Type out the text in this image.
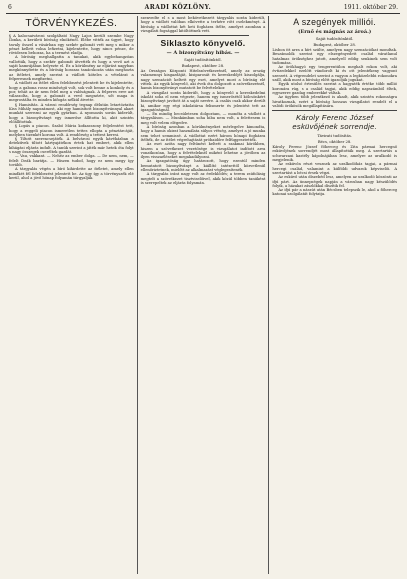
6	ARADI KÖZLÖNY.	1911. október 29.
TÖRVÉNYKEZÉS.

§ A kalocsaivárosi szolgáltató Nagy Lajos került szembe Nagy Ilonka, a kerületi bíróság elnökénél. Elébe vitték az ügyet, hogy tavaly ősszel a vásárban egy szekér gabonát vett meg s mikor a pénzt kellett volna lefizetni, kijelentette, hogy nincs pénze, de rövidesen behozza, ha a termést eladja.

A bíróság meghallgatta a tanukat, akik egybehangzóan vallották, hogy a szekér gabonát átvették és hogy a vevő azt a saját kamrájában helyezte el. Ez a körülmény az eljárást nagyban megkönnyítette és a bíróság hosszas tanácskozás után meghozta az ítéletet, amely szerint a vádlott köteles a vételárat a felperesnek megfizetni.

A vádlott az ítélet ellen felebbezést jelentett be és kijelentette, hogy a gabona rossz minőségű volt, sok volt benne a konkoly és a por, tehát az ár nem felel meg a valóságnak. A felperes erre azt válaszolta, hogy a gabonát a vevő megnézte, sőt maga is megrostálta és minden kifogás nélkül átvette.

§ Hamisítás. A városi rendőrség tegnap délután letartóztatta Kiss Mihály napszámost, aki egy hamisított bizonyítvánnyal akart munkát szerezni az egyik gyárban. A nyomozás során kiderült, hogy a bizonyítványt egy ismerőse állította ki, akit szintén előállítottak.

§ Lopás a piacon. Szabó Mária kofaasszony feljelentést tett, hogy a reggeli piacon ismeretlen tettes ellopta a pénztárcáját, melyben tizenkét korona volt. A rendőrség a tettest keresi.

§ Tiltott szerencsejáték. A belvárosi egyik kávéházban a detektívek tiltott kártyajátékon értek hat embert, akik ellen kihágási eljárás indult. A tanúk szerint a játék már hetek óta folyt s nagy összegek cseréltek gazdát.

— Vau, vakkant. — Nehéz az ember dolga. — De nem, nem, — felelt Deák barátja. — Hiszen tudod, hogy ez nem megy így tovább.

A tárgyalás végén a bíró kihirdette az ítéletet, amely ellen mindkét fél felebbezést jelentett be. Az ügy így a törvényszék elé kerül, ahol a jövő hónap folyamán tárgyalják.

szenvedte el s a most bekövetkezett tárgyalás során kiderült, hogy a vádlott valóban elkövette a terhére rótt cselekményt. A bíróság a vádlottat két heti fogházra ítélte, amelyet azonban a vizsgálati fogsággal kitöltöttnek vett.

Siklaszto könyvelő.
— A bizonyítvány hibás. —
Saját tudósítónktól.
Budapest, október 28.

Az Országos Központi Hitelszövetkezetnél, amely az ország valamennyi kisgazdáját, kisiparosát és kereskedőjét kiszolgálja, nagy szenzációt keltett egy eset, amelyet most a bíróság elé vittek. Az egyik könyvelő, aki évek óta dolgozott a szövetkezetnél, hamis bizonyítványt mutatott be felvételekor.

A vizsgálat során kiderült, hogy a könyvelő a kereskedelmi iskolát soha el nem végezte, hanem egy ismerősétől kölcsönkért bizonyítványt javított át a saját nevére. A csalás csak akkor derült ki, amikor egy régi iskolatársa felismerte és jelentést tett az igazgatóságnál.

— Én mindig becsületesen dolgoztam, — mondta a vádlott a tárgyaláson. — Munkámban soha hiba nem volt, a felettesem is meg volt velem elégedve.

A bíróság azonban a körülményeket mérlegelve kimondta, hogy a hamis okirat használata súlyos vétség, amelyet a jó munka sem tehet semmissé. A vádlottat ezért három hónapi fogházra ítélték, de az ítélet végrehajtását próbaidőre felfüggesztették.

Az eset azóta nagy feltűnést keltett a szakmai körökben, hiszen a szövetkezet vezetősége is vizsgálatot indított arra vonatkozóan, hogy a felvételeknél miként lehetne a jövőben az ilyen visszaéléseket megakadályozni.

Az igazgatóság úgy határozott, hogy ezentúl minden bemutatott bizonyítványt a kiállító intézettől közvetlenül ellenőriztetnek, mielőtt az alkalmazást véglegesítenék.

A tárgyalás iránt nagy volt az érdeklődés; a terem zsúfolásig megtelt a szövetkezet tisztviselőivel, akik közül többen tanúként is szerepeltek az eljárás folyamán.

A szegények milliói.
(Ernő és mágnás az ároá.)
Saját tudósítónktól.
Budapest, október 28.

Lisbon itt arra a hírt szülte, amelyen nagy szenzációkat mondtak. Beszámolók szerint egy elszegényedett család váratlanul hatalmas örökséghez jutott, amelyről eddig senkinek sem volt tudomása.

Az örökhagyó egy tengerentúlon meghalt rokon volt, aki évtizedekkel ezelőtt vándorolt ki és ott jelentékeny vagyont szerzett. A végrendelet szerint a vagyon a legközelebbi rokonokra száll, akik most a bíróság előtt igazolják jogukat.

Egyik utolsó értesülés szerint a hagyaték értéke több millió koronára rúg, s a család tagjai, akik eddig napszámból éltek, egyszerre gazdag emberekké váltak.

Az ügyben több jelentkező is akadt, akik szintén rokonságra hivatkoznak, ezért a bíróság hosszas vizsgálatot rendelt el a valódi örökösök megállapítására.

Károly Ferenc József esküvőjének sorrendje.
Távirati tudósítás.
Bécs, október 28.

Károly Ferenc József főherceg és Zita pármai hercegnő esküvőjének sorrendjét most állapították meg. A szertartás a schwarzaui kastély kápolnájában lesz, amelyre az uralkodó is megjelenik.

Az esküvőn részt vesznek az uralkodóház tagjai, a pármai hercegi család, valamint a külföldi udvarok képviselői. A szertartást a bécsi érsek végzi.

Az esküvő után díszebéd lesz, amelyen az uralkodó köszönti az ifjú párt. Az ünnepségek napján a városban nagy készülődés folyik, a házakat zászlókkal díszítik fel.

Az ifjú pár a nászút után Bécsben telepszik le, ahol a főherceg katonai szolgálatát folytatja.
